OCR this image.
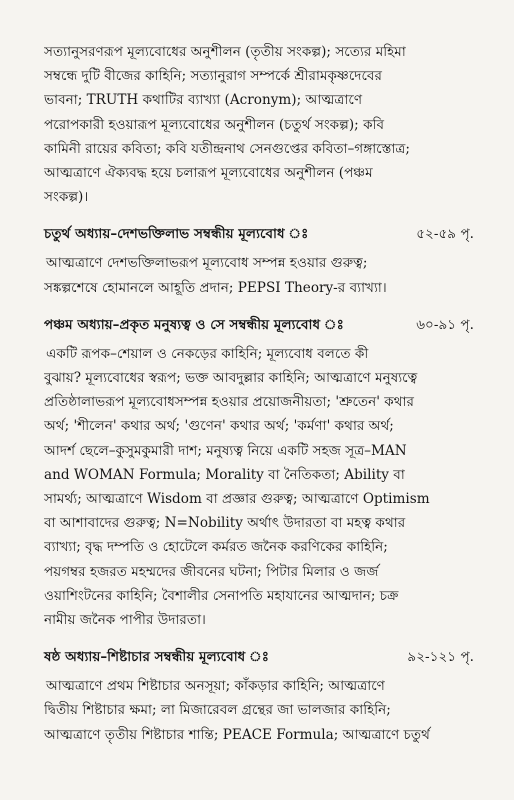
সত্যানুসরণরূপ মূল্যবোধের অনুশীলন (তৃতীয় সংকল্প); সত্যের মহিমা
সম্বন্ধে দুটি বীজের কাহিনি; সত্যানুরাগ সম্পর্কে শ্রীরামকৃষ্ণদেবের
ভাবনা; TRUTH কথাটির ব্যাখ্যা (Acronym); আত্মত্রাণে
পরোপকারী হওয়ারূপ মূল্যবোধের অনুশীলন (চতুর্থ সংকল্প); কবি
কামিনী রায়ের কবিতা; কবি যতীন্দ্রনাথ সেনগুপ্তের কবিতা–গঙ্গাস্তোত্র;
আত্মত্রাণে ঐক্যবদ্ধ হয়ে চলারূপ মূল্যবোধের অনুশীলন (পঞ্চম
সংকল্প)।
চতুর্থ অধ্যায়–দেশভক্তিলাভ সম্বন্ধীয় মূল্যবোধ ঃ	৫২-৫৯ পৃ.
আত্মত্রাণে দেশভক্তিলাভরূপ মূল্যবোধ সম্পন্ন হওয়ার গুরুত্ব;
সঙ্কল্পশেষে হোমানলে আহূতি প্রদান; PEPSI Theory-র ব্যাখ্যা।
পঞ্চম অধ্যায়–প্রকৃত মনুষ্যত্ব ও সে সম্বন্ধীয় মূল্যবোধ ঃ	৬০-৯১ পৃ.
একটি রূপক–শেয়াল ও নেকড়ের কাহিনি; মূল্যবোধ বলতে কী
বুঝায়? মূল্যবোধের স্বরূপ; ভক্ত আবদুল্লার কাহিনি; আত্মত্রাণে মনুষ্যত্বে
প্রতিষ্ঠালাভরূপ মূল্যবোধসম্পন্ন হওয়ার প্রয়োজনীয়তা; 'শ্রুতেন' কথার
অর্থ; 'শীলেন' কথার অর্থ; 'গুণেন' কথার অর্থ; 'কর্মণা' কথার অর্থ;
আদর্শ ছেলে–কুসুমকুমারী দাশ; মনুষ্যত্ব নিয়ে একটি সহজ সূত্র–MAN
and WOMAN Formula; Morality বা নৈতিকতা; Ability বা
সামর্থ্য; আত্মত্রাণে Wisdom বা প্রজ্ঞার গুরুত্ব; আত্মত্রাণে Optimism
বা আশাবাদের গুরুত্ব; N=Nobility অর্থাৎ উদারতা বা মহত্ব কথার
ব্যাখ্যা; বৃদ্ধ দম্পতি ও হোটেলে কর্মরত জনৈক করণিকের কাহিনি;
পয়গম্বর হজরত মহম্মদের জীবনের ঘটনা; পিটার মিলার ও জর্জ
ওয়াশিংটনের কাহিনি; বৈশালীর সেনাপতি মহাযানের আত্মদান; চক্র
নামীয় জনৈক পাপীর উদারতা।
ষষ্ঠ অধ্যায়–শিষ্টাচার সম্বন্ধীয় মূল্যবোধ ঃ	৯২-১২১ পৃ.
আত্মত্রাণে প্রথম শিষ্টাচার অনসূয়া; কাঁকড়ার কাহিনি; আত্মত্রাণে
দ্বিতীয় শিষ্টাচার ক্ষমা; লা মিজারেবল গ্রন্থের জা ভালজার কাহিনি;
আত্মত্রাণে তৃতীয় শিষ্টাচার শান্তি; PEACE Formula; আত্মত্রাণে চতুর্থ
